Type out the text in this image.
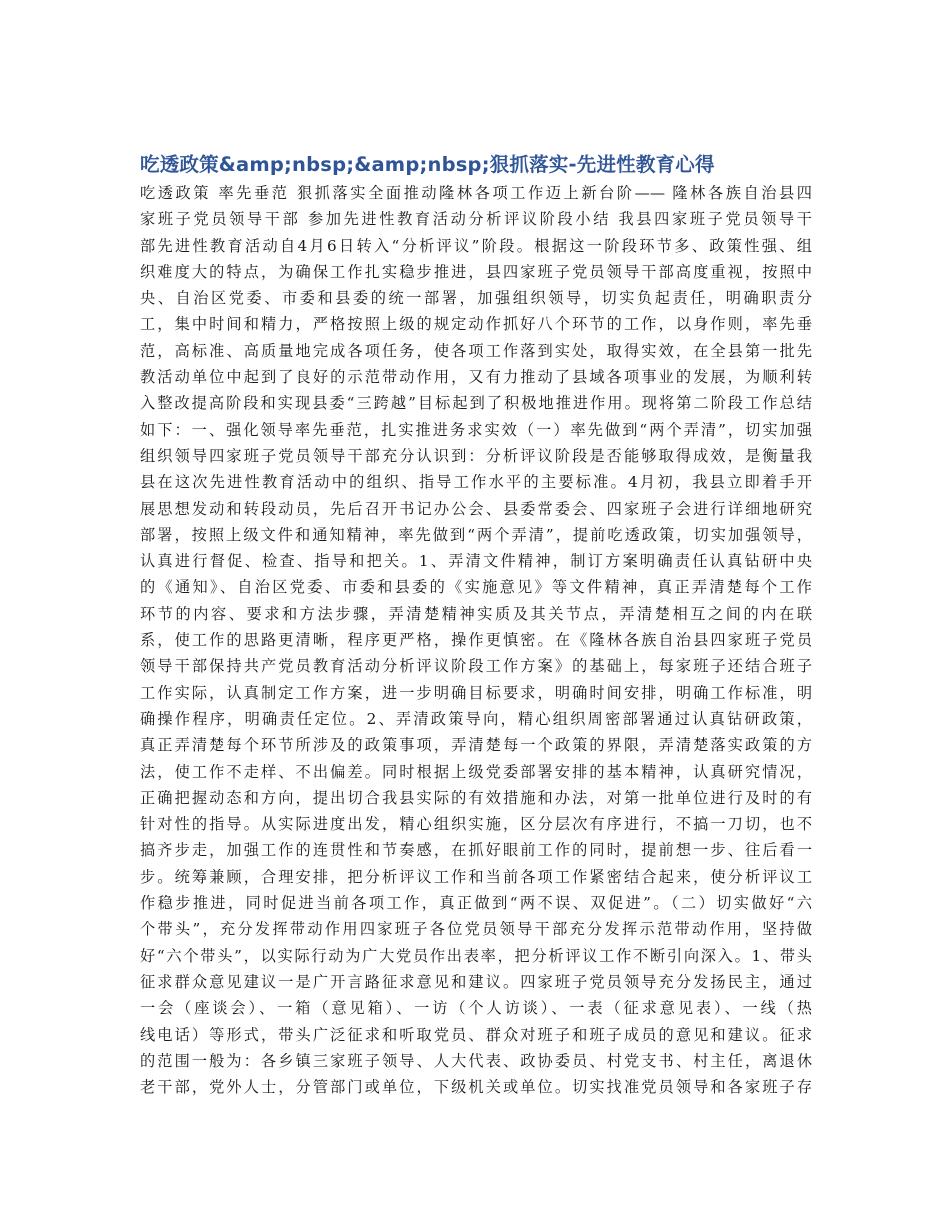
吃透政策&amp;nbsp;&amp;nbsp;狠抓落实-先进性教育心得
吃透政策 率先垂范 狠抓落实全面推动隆林各项工作迈上新台阶—— 隆林各族自治县四
家班子党员领导干部 参加先进性教育活动分析评议阶段小结 我县四家班子党员领导干
部先进性教育活动自4月6日转入“分析评议”阶段。根据这一阶段环节多、政策性强、组
织难度大的特点，为确保工作扎实稳步推进，县四家班子党员领导干部高度重视，按照中
央、自治区党委、市委和县委的统一部署，加强组织领导，切实负起责任，明确职责分
工，集中时间和精力，严格按照上级的规定动作抓好八个环节的工作，以身作则，率先垂
范，高标准、高质量地完成各项任务，使各项工作落到实处，取得实效，在全县第一批先
教活动单位中起到了良好的示范带动作用，又有力推动了县域各项事业的发展，为顺利转
入整改提高阶段和实现县委“三跨越”目标起到了积极地推进作用。现将第二阶段工作总结
如下：一、强化领导率先垂范，扎实推进务求实效（一）率先做到“两个弄清”，切实加强
组织领导四家班子党员领导干部充分认识到：分析评议阶段是否能够取得成效，是衡量我
县在这次先进性教育活动中的组织、指导工作水平的主要标准。4月初，我县立即着手开
展思想发动和转段动员，先后召开书记办公会、县委常委会、四家班子会进行详细地研究
部署，按照上级文件和通知精神，率先做到“两个弄清”，提前吃透政策，切实加强领导，
认真进行督促、检查、指导和把关。1、弄清文件精神，制订方案明确责任认真钻研中央
的《通知》、自治区党委、市委和县委的《实施意见》等文件精神，真正弄清楚每个工作
环节的内容、要求和方法步骤，弄清楚精神实质及其关节点，弄清楚相互之间的内在联
系，使工作的思路更清晰，程序更严格，操作更慎密。在《隆林各族自治县四家班子党员
领导干部保持共产党员教育活动分析评议阶段工作方案》的基础上，每家班子还结合班子
工作实际，认真制定工作方案，进一步明确目标要求，明确时间安排，明确工作标准，明
确操作程序，明确责任定位。2、弄清政策导向，精心组织周密部署通过认真钻研政策，
真正弄清楚每个环节所涉及的政策事项，弄清楚每一个政策的界限，弄清楚落实政策的方
法，使工作不走样、不出偏差。同时根据上级党委部署安排的基本精神，认真研究情况，
正确把握动态和方向，提出切合我县实际的有效措施和办法，对第一批单位进行及时的有
针对性的指导。从实际进度出发，精心组织实施，区分层次有序进行，不搞一刀切，也不
搞齐步走，加强工作的连贯性和节奏感，在抓好眼前工作的同时，提前想一步、往后看一
步。统筹兼顾，合理安排，把分析评议工作和当前各项工作紧密结合起来，使分析评议工
作稳步推进，同时促进当前各项工作，真正做到“两不误、双促进”。（二）切实做好“六
个带头”，充分发挥带动作用四家班子各位党员领导干部充分发挥示范带动作用，坚持做
好“六个带头”，以实际行动为广大党员作出表率，把分析评议工作不断引向深入。1、带头
征求群众意见建议一是广开言路征求意见和建议。四家班子党员领导充分发扬民主，通过
一会（座谈会）、一箱（意见箱）、一访（个人访谈）、一表（征求意见表）、一线（热
线电话）等形式，带头广泛征求和听取党员、群众对班子和班子成员的意见和建议。征求
的范围一般为：各乡镇三家班子领导、人大代表、政协委员、村党支书、村主任，离退休
老干部，党外人士，分管部门或单位，下级机关或单位。切实找准党员领导和各家班子存
